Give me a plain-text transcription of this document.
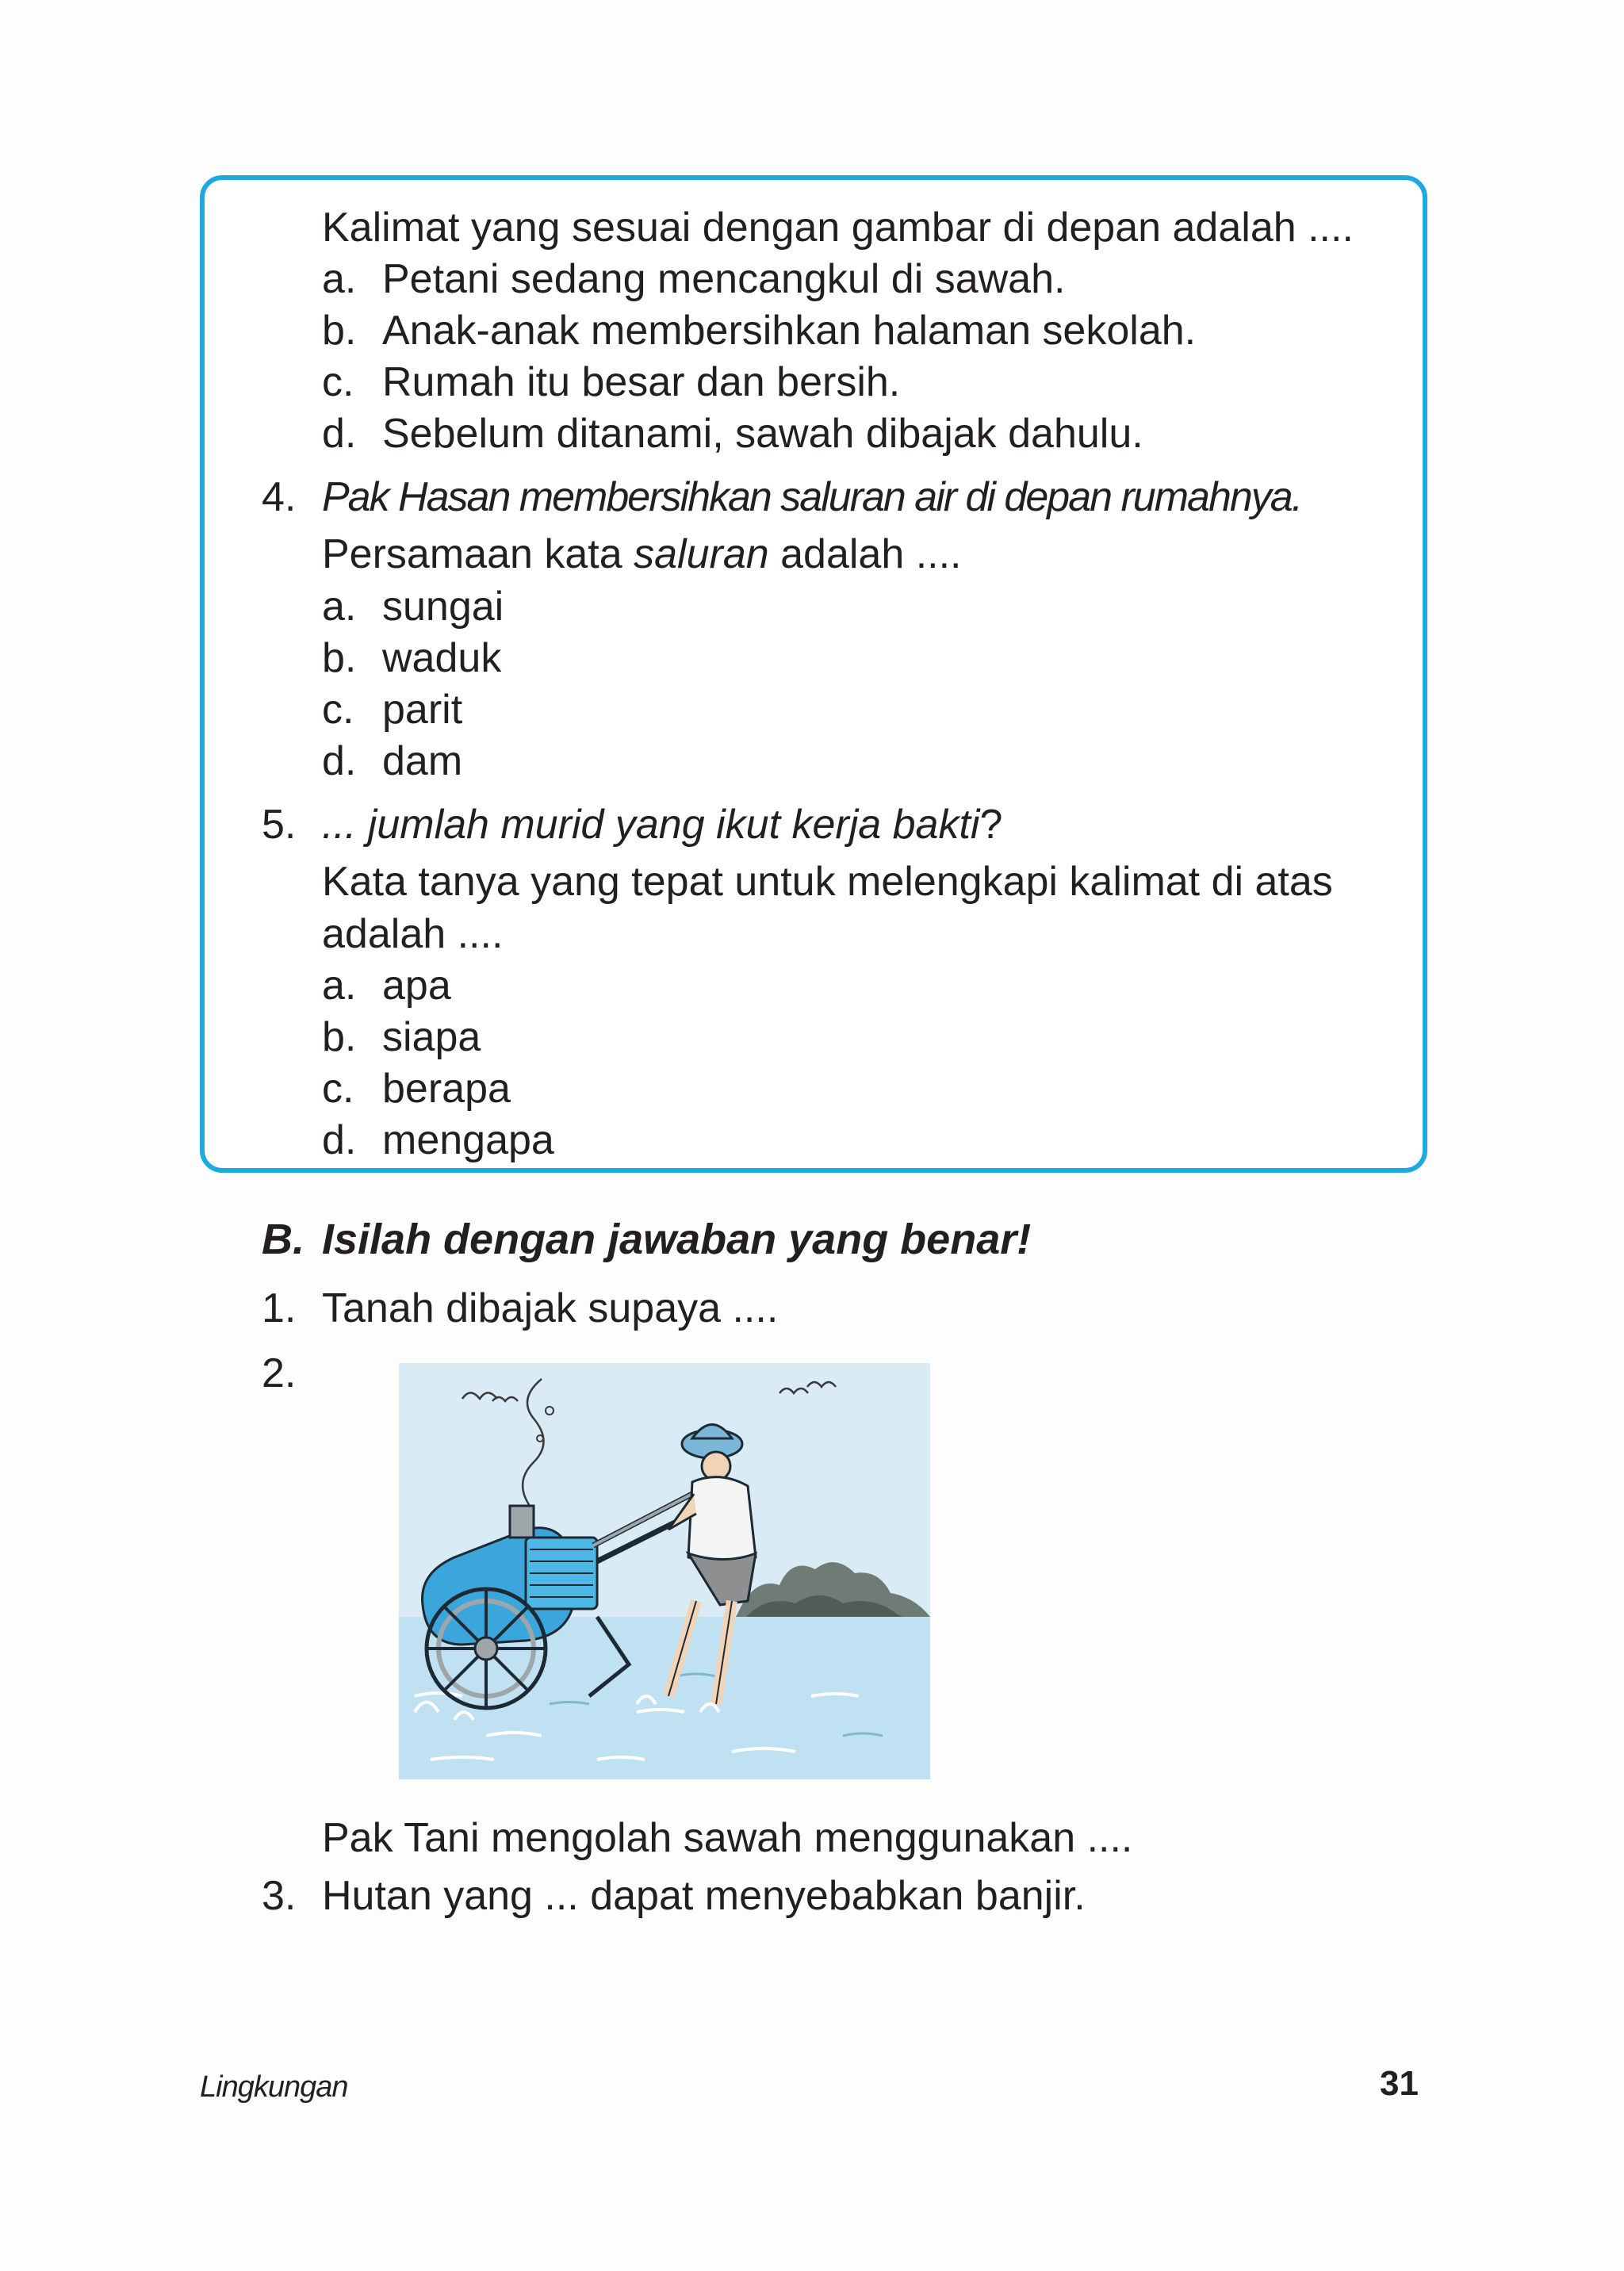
Kalimat yang sesuai dengan gambar di depan adalah ....
a. Petani sedang mencangkul di sawah.
b. Anak-anak membersihkan halaman sekolah.
c. Rumah itu besar dan bersih.
d. Sebelum ditanami, sawah dibajak dahulu.
4. Pak Hasan membersihkan saluran air di depan rumahnya.
Persamaan kata saluran adalah ....
a. sungai
b. waduk
c. parit
d. dam
5. ... jumlah murid yang ikut kerja bakti?
Kata tanya yang tepat untuk melengkapi kalimat di atas
adalah ....
a. apa
b. siapa
c. berapa
d. mengapa
B. Isilah dengan jawaban yang benar!
1. Tanah dibajak supaya ....
2.
Pak Tani mengolah sawah menggunakan ....
3. Hutan yang ... dapat menyebabkan banjir.
Lingkungan	31
